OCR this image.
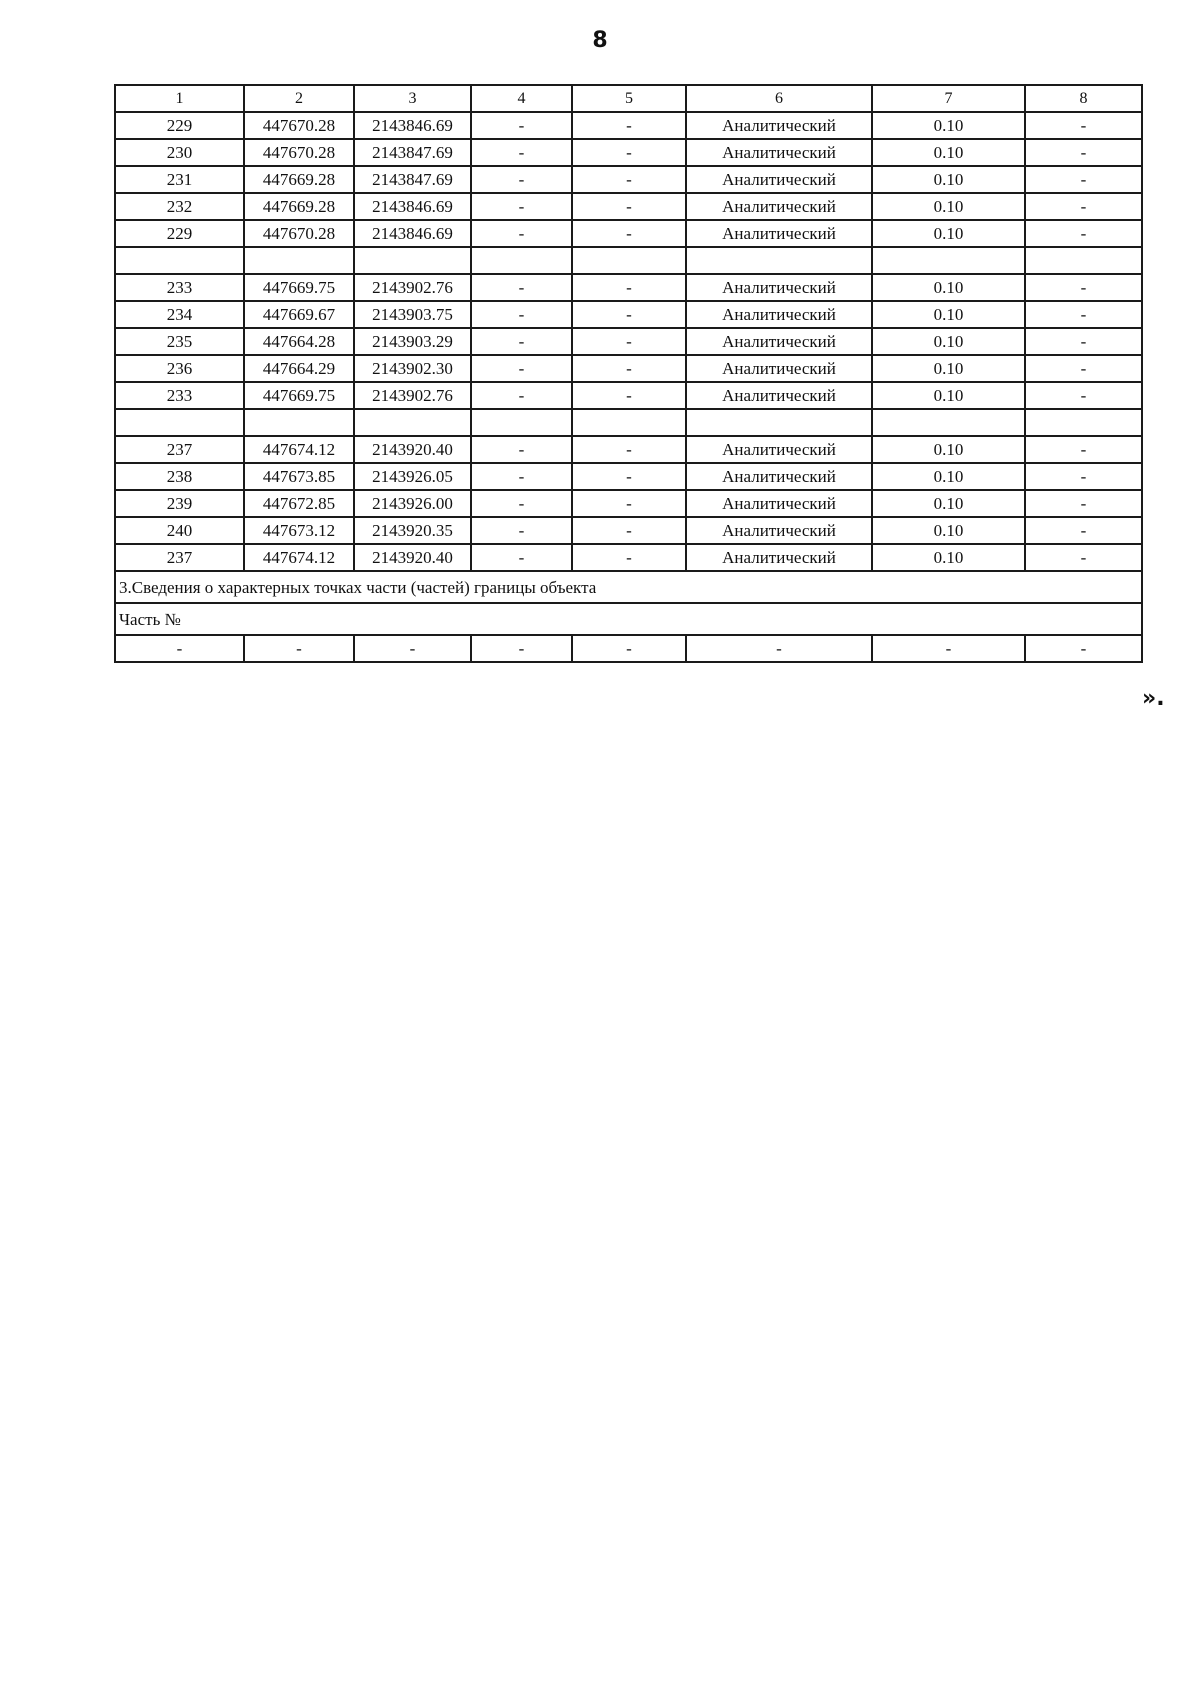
8
1	2	3	4	5	6	7	8
229	447670.28	2143846.69	-	-	Аналитический	0.10	-
230	447670.28	2143847.69	-	-	Аналитический	0.10	-
231	447669.28	2143847.69	-	-	Аналитический	0.10	-
232	447669.28	2143846.69	-	-	Аналитический	0.10	-
229	447670.28	2143846.69	-	-	Аналитический	0.10	-

233	447669.75	2143902.76	-	-	Аналитический	0.10	-
234	447669.67	2143903.75	-	-	Аналитический	0.10	-
235	447664.28	2143903.29	-	-	Аналитический	0.10	-
236	447664.29	2143902.30	-	-	Аналитический	0.10	-
233	447669.75	2143902.76	-	-	Аналитический	0.10	-

237	447674.12	2143920.40	-	-	Аналитический	0.10	-
238	447673.85	2143926.05	-	-	Аналитический	0.10	-
239	447672.85	2143926.00	-	-	Аналитический	0.10	-
240	447673.12	2143920.35	-	-	Аналитический	0.10	-
237	447674.12	2143920.40	-	-	Аналитический	0.10	-
3.Сведения о характерных точках части (частей) границы объекта							
Часть №							
-	-	-	-	-	-	-	-
».
